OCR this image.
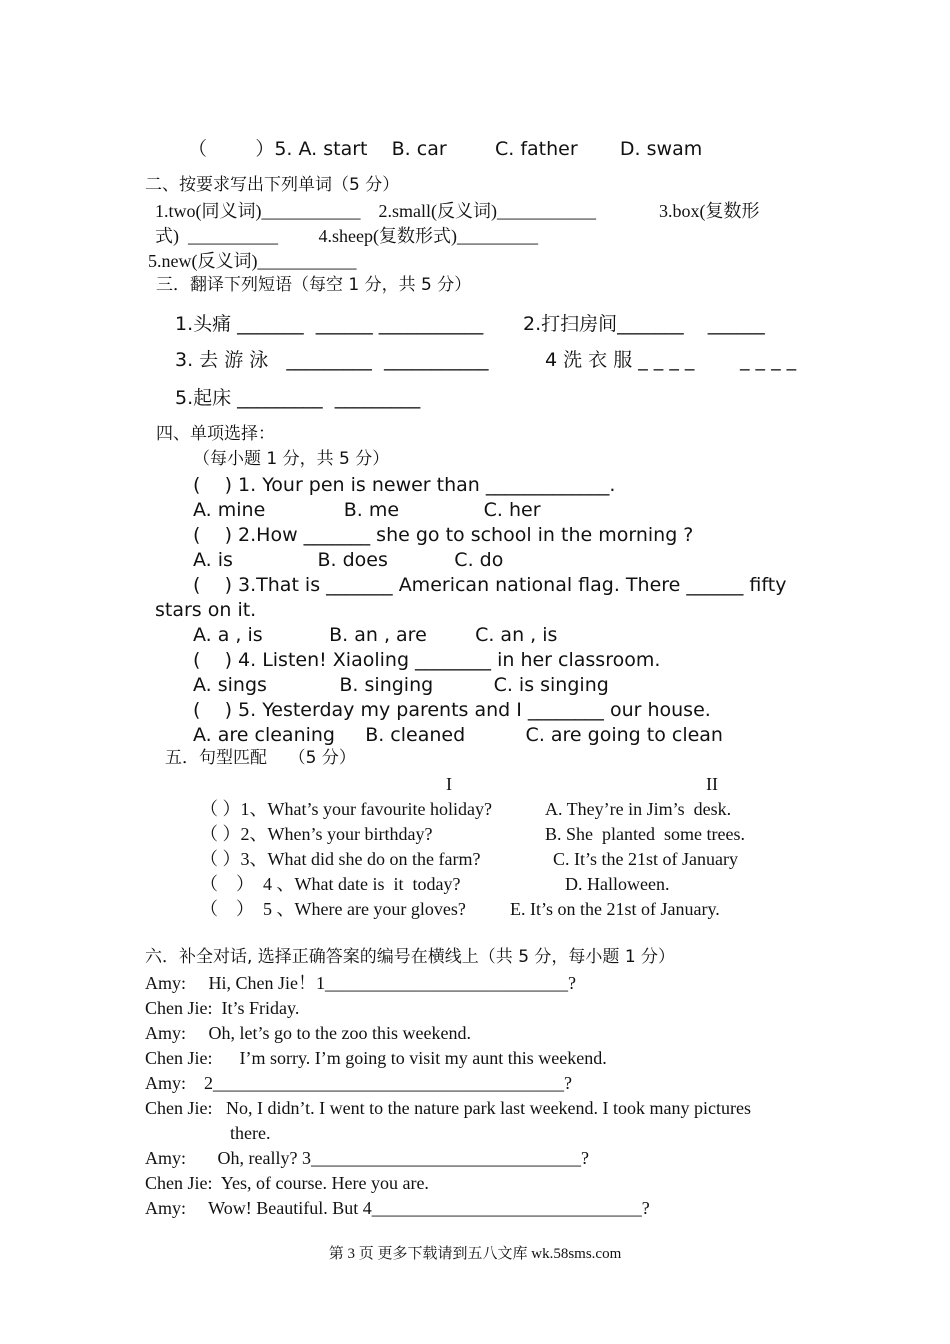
（        ）5. A. start    B. car        C. father       D. swam
二、按要求写出下列单词（5 分）
1.two(同义词)___________    2.small(反义词)___________              3.box(复数形
式)  __________         4.sheep(复数形式)_________
5.new(反义词)___________
三．翻译下列短语（每空 1 分，共 5 分）
1.头痛 _______  ______ ___________ 2.打扫房间_______    ______
3. 去 游 泳   _________  ___________	4 洗 衣 服 _ _ _ _ _ _ _ _
5.起床 _________  _________
四、单项选择：
（每小题 1 分，共 5 分）
(    ) 1. Your pen is newer than _____________.
A. mine             B. me              C. her
(    ) 2.How _______ she go to school in the morning ?
A. is              B. does           C. do
(    ) 3.That is _______ American national flag. There ______ fifty
stars on it.
A. a , is           B. an , are        C. an , is
(    ) 4. Listen! Xiaoling ________ in her classroom.
A. sings            B. singing          C. is singing
(    ) 5. Yesterday my parents and I ________ our house.
A. are cleaning     B. cleaned          C. are going to clean
五．句型匹配    （5 分）
I	II
（ ）1、What’s your favourite holiday?
（ ）2、When’s your birthday?
（ ）3、What did she do on the farm?
（    ）  4 、What date is  it  today?
（    ）  5 、Where are your gloves?
A. They’re in Jim’s  desk.
B. She  planted  some trees.
C. It’s the 21st of January
D. Halloween.
E. It’s on the 21st of January.
六．补全对话, 选择正确答案的编号在横线上（共 5 分，每小题 1 分）
Amy:     Hi, Chen Jie！1___________________________?
Chen Jie:  It’s Friday.
Amy:     Oh, let’s go to the zoo this weekend.
Chen Jie:      I’m sorry. I’m going to visit my aunt this weekend.
Amy:    2_______________________________________?
Chen Jie:   No, I didn’t. I went to the nature park last weekend. I took many pictures
there.
Amy:       Oh, really? 3______________________________?
Chen Jie:  Yes, of course. Here you are.
Amy:     Wow! Beautiful. But 4______________________________?
第 3 页 更多下载请到五八文库 wk.58sms.com
